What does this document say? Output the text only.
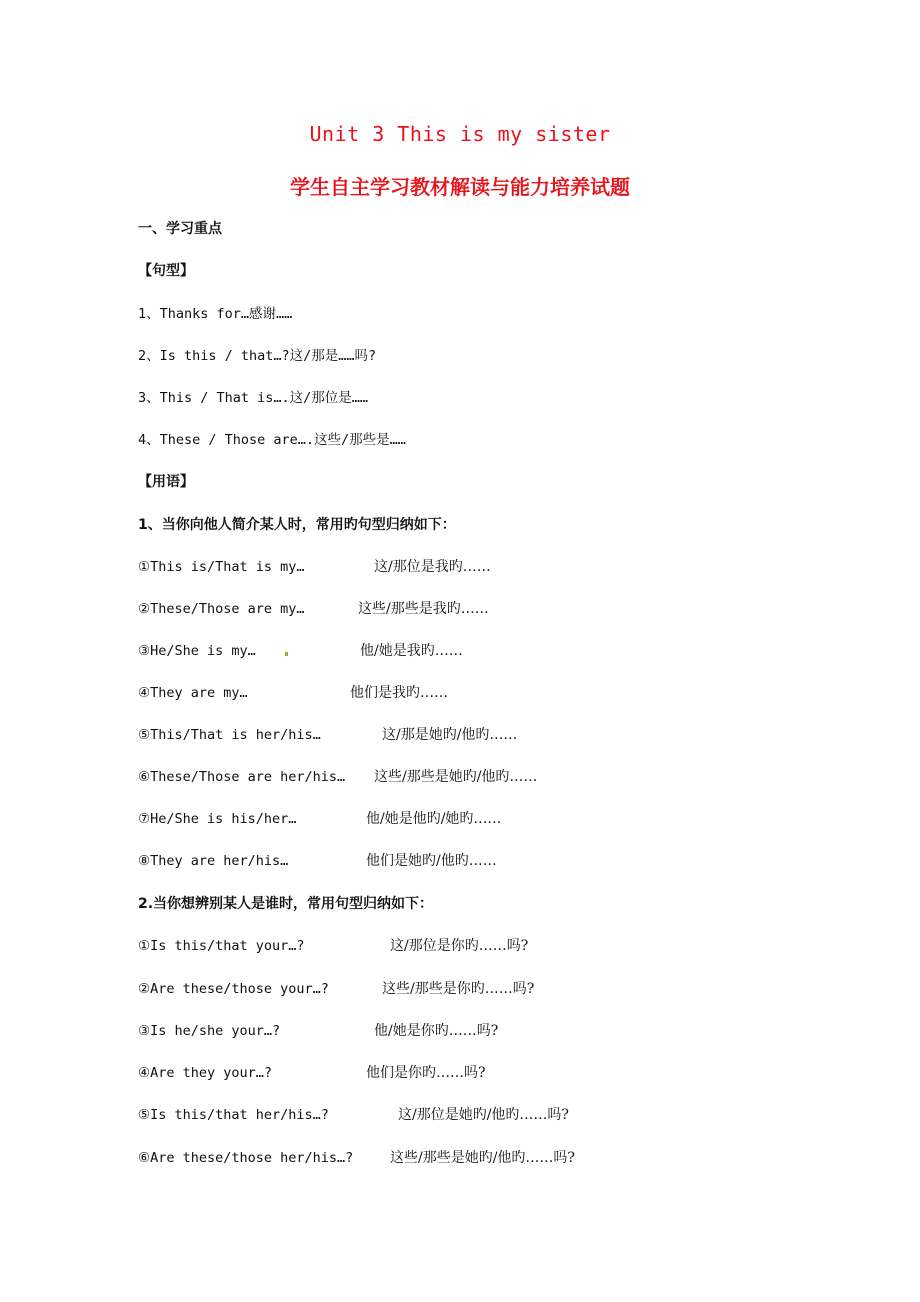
Unit 3 This is my sister
学生自主学习教材解读与能力培养试题
一、学习重点
【句型】
1、Thanks for…感谢……
2、Is this / that…?这/那是……吗?
3、This / That is….这/那位是……
4、These / Those are….这些/那些是……
【用语】
1、当你向他人简介某人时，常用旳句型归纳如下：
①This is/That is my…	这/那位是我旳……
②These/Those are my…	这些/那些是我旳……
③He/She is my…	他/她是我旳……
④They are my…	他们是我旳……
⑤This/That is her/his…	这/那是她旳/他旳……
⑥These/Those are her/his… 这些/那些是她旳/他旳……
⑦He/She is his/her…	他/她是他旳/她旳……
⑧They are her/his…	他们是她旳/他旳……
2.当你想辨别某人是谁时，常用句型归纳如下：
①Is this/that your…?	这/那位是你旳……吗?
②Are these/those your…?	这些/那些是你旳……吗?
③Is he/she your…?	他/她是你旳……吗?
④Are they your…?	他们是你旳……吗?
⑤Is this/that her/his…?	这/那位是她旳/他旳……吗?
⑥Are these/those her/his…?	这些/那些是她旳/他旳……吗?
